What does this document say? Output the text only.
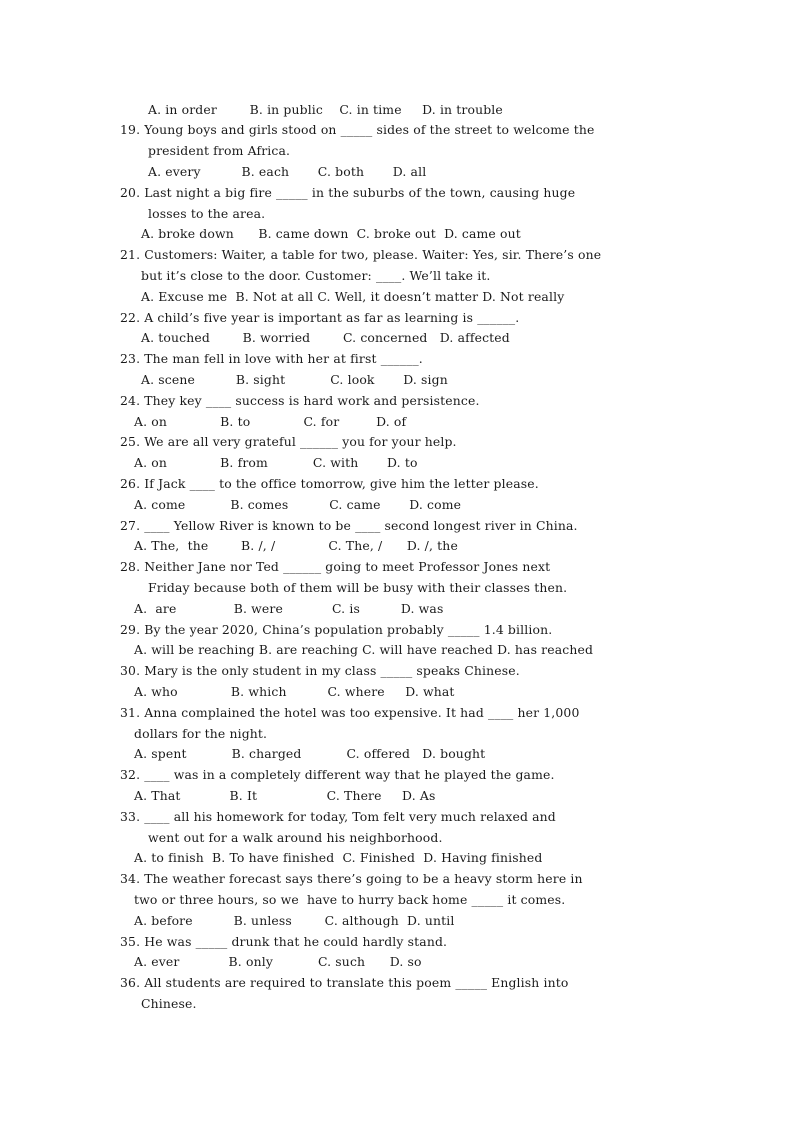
A. in order        B. in public    C. in time     D. in trouble
19. Young boys and girls stood on _____ sides of the street to welcome the
president from Africa.
A. every          B. each       C. both       D. all
20. Last night a big fire _____ in the suburbs of the town, causing huge
losses to the area.
A. broke down      B. came down  C. broke out  D. came out
21. Customers: Waiter, a table for two, please. Waiter: Yes, sir. There’s one
but it’s close to the door. Customer: ____. We’ll take it.
A. Excuse me  B. Not at all C. Well, it doesn’t matter D. Not really
22. A child’s five year is important as far as learning is ______.
A. touched        B. worried        C. concerned   D. affected
23. The man fell in love with her at first ______.
A. scene          B. sight           C. look       D. sign
24. They key ____ success is hard work and persistence.
A. on             B. to             C. for         D. of
25. We are all very grateful ______ you for your help.
A. on             B. from           C. with       D. to
26. If Jack ____ to the office tomorrow, give him the letter please.
A. come           B. comes          C. came       D. come
27. ____ Yellow River is known to be ____ second longest river in China.
A. The,  the        B. /, /             C. The, /      D. /, the
28. Neither Jane nor Ted ______ going to meet Professor Jones next
Friday because both of them will be busy with their classes then.
A.  are              B. were            C. is          D. was
29. By the year 2020, China’s population probably _____ 1.4 billion.
A. will be reaching B. are reaching C. will have reached D. has reached
30. Mary is the only student in my class _____ speaks Chinese.
A. who             B. which          C. where     D. what
31. Anna complained the hotel was too expensive. It had ____ her 1,000
dollars for the night.
A. spent           B. charged           C. offered   D. bought
32. ____ was in a completely different way that he played the game.
A. That            B. It                 C. There     D. As
33. ____ all his homework for today, Tom felt very much relaxed and
went out for a walk around his neighborhood.
A. to finish  B. To have finished  C. Finished  D. Having finished
34. The weather forecast says there’s going to be a heavy storm here in
two or three hours, so we  have to hurry back home _____ it comes.
A. before          B. unless        C. although  D. until
35. He was _____ drunk that he could hardly stand.
A. ever            B. only           C. such      D. so
36. All students are required to translate this poem _____ English into
Chinese.
